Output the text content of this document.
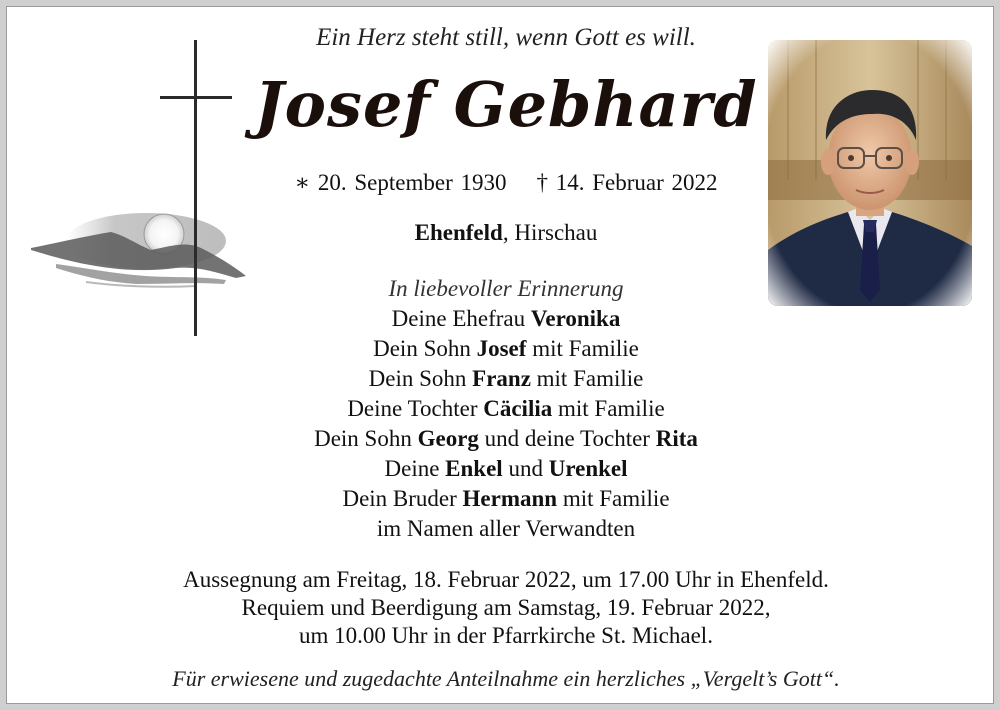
Ein Herz steht still, wenn Gott es will.
Josef Gebhard
∗ 20. September 1930 † 14. Februar 2022
Ehenfeld, Hirschau
In liebevoller Erinnerung
Deine Ehefrau Veronika
Dein Sohn Josef mit Familie
Dein Sohn Franz mit Familie
Deine Tochter Cäcilia mit Familie
Dein Sohn Georg und deine Tochter Rita
Deine Enkel und Urenkel
Dein Bruder Hermann mit Familie
im Namen aller Verwandten
Aussegnung am Freitag, 18. Februar 2022, um 17.00 Uhr in Ehenfeld.
Requiem und Beerdigung am Samstag, 19. Februar 2022,
um 10.00 Uhr in der Pfarrkirche St. Michael.
Für erwiesene und zugedachte Anteilnahme ein herzliches „Vergelt’s Gott“.
